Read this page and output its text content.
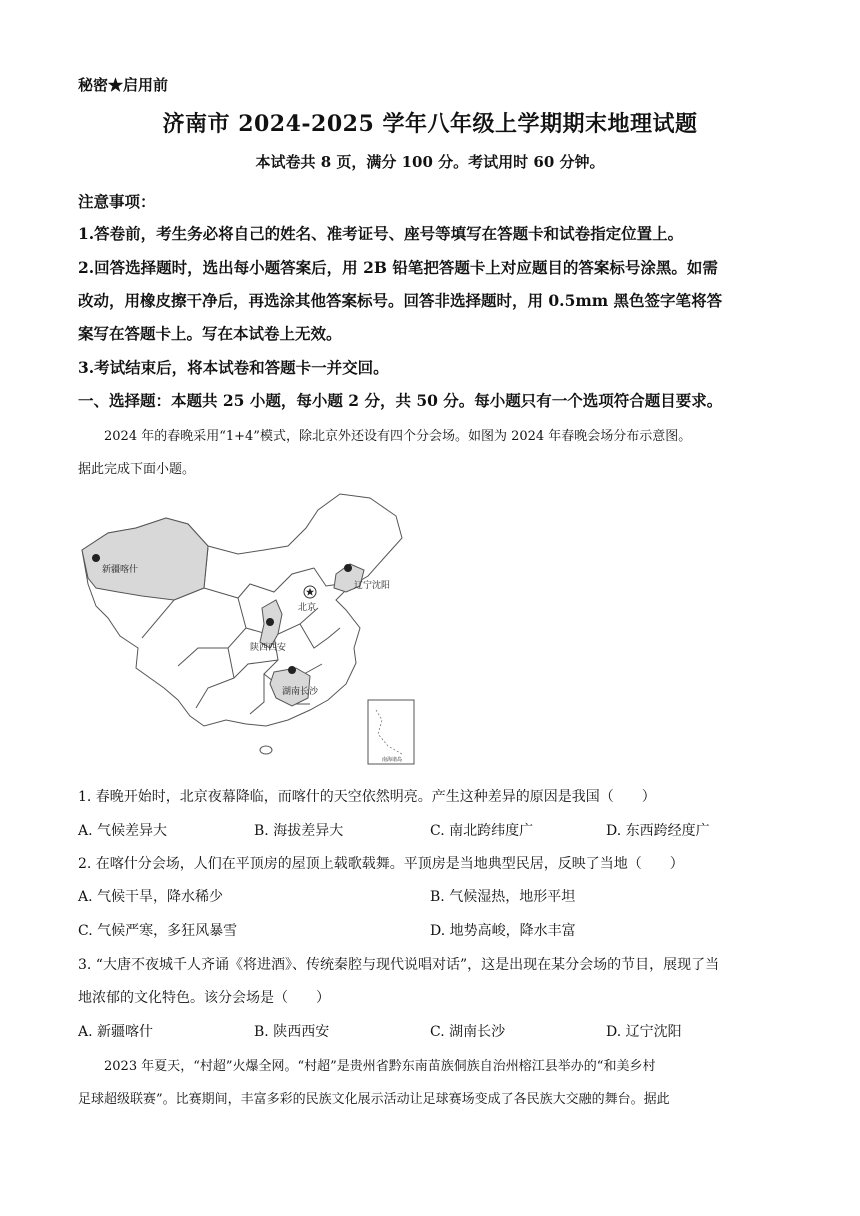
秘密★启用前
济南市 2024-2025 学年八年级上学期期末地理试题
本试卷共 8 页，满分 100 分。考试用时 60 分钟。
注意事项：
1.答卷前，考生务必将自己的姓名、准考证号、座号等填写在答题卡和试卷指定位置上。
2.回答选择题时，选出每小题答案后，用 2B 铅笔把答题卡上对应题目的答案标号涂黑。如需
改动，用橡皮擦干净后，再选涂其他答案标号。回答非选择题时，用 0.5mm 黑色签字笔将答
案写在答题卡上。写在本试卷上无效。
3.考试结束后，将本试卷和答题卡一并交回。
一、选择题：本题共 25 小题，每小题 2 分，共 50 分。每小题只有一个选项符合题目要求。
2024 年的春晚采用“1+4”模式，除北京外还设有四个分会场。如图为 2024 年春晚会场分布示意图。
据此完成下面小题。
新疆喀什
辽宁沈阳
北京
陕西西安
湖南长沙
南海诸岛
1. 春晚开始时，北京夜幕降临，而喀什的天空依然明亮。产生这种差异的原因是我国（　　）
A. 气候差异大	B. 海拔差异大	C. 南北跨纬度广	D. 东西跨经度广
2. 在喀什分会场，人们在平顶房的屋顶上载歌载舞。平顶房是当地典型民居，反映了当地（　　）
A. 气候干旱，降水稀少	B. 气候湿热，地形平坦
C. 气候严寒，多狂风暴雪	D. 地势高峻，降水丰富
3. “大唐不夜城千人齐诵《将进酒》、传统秦腔与现代说唱对话”，这是出现在某分会场的节目，展现了当
地浓郁的文化特色。该分会场是（　　）
A. 新疆喀什	B. 陕西西安	C. 湖南长沙	D. 辽宁沈阳
2023 年夏天，“村超”火爆全网。“村超”是贵州省黔东南苗族侗族自治州榕江县举办的“和美乡村
足球超级联赛”。比赛期间，丰富多彩的民族文化展示活动让足球赛场变成了各民族大交融的舞台。据此
